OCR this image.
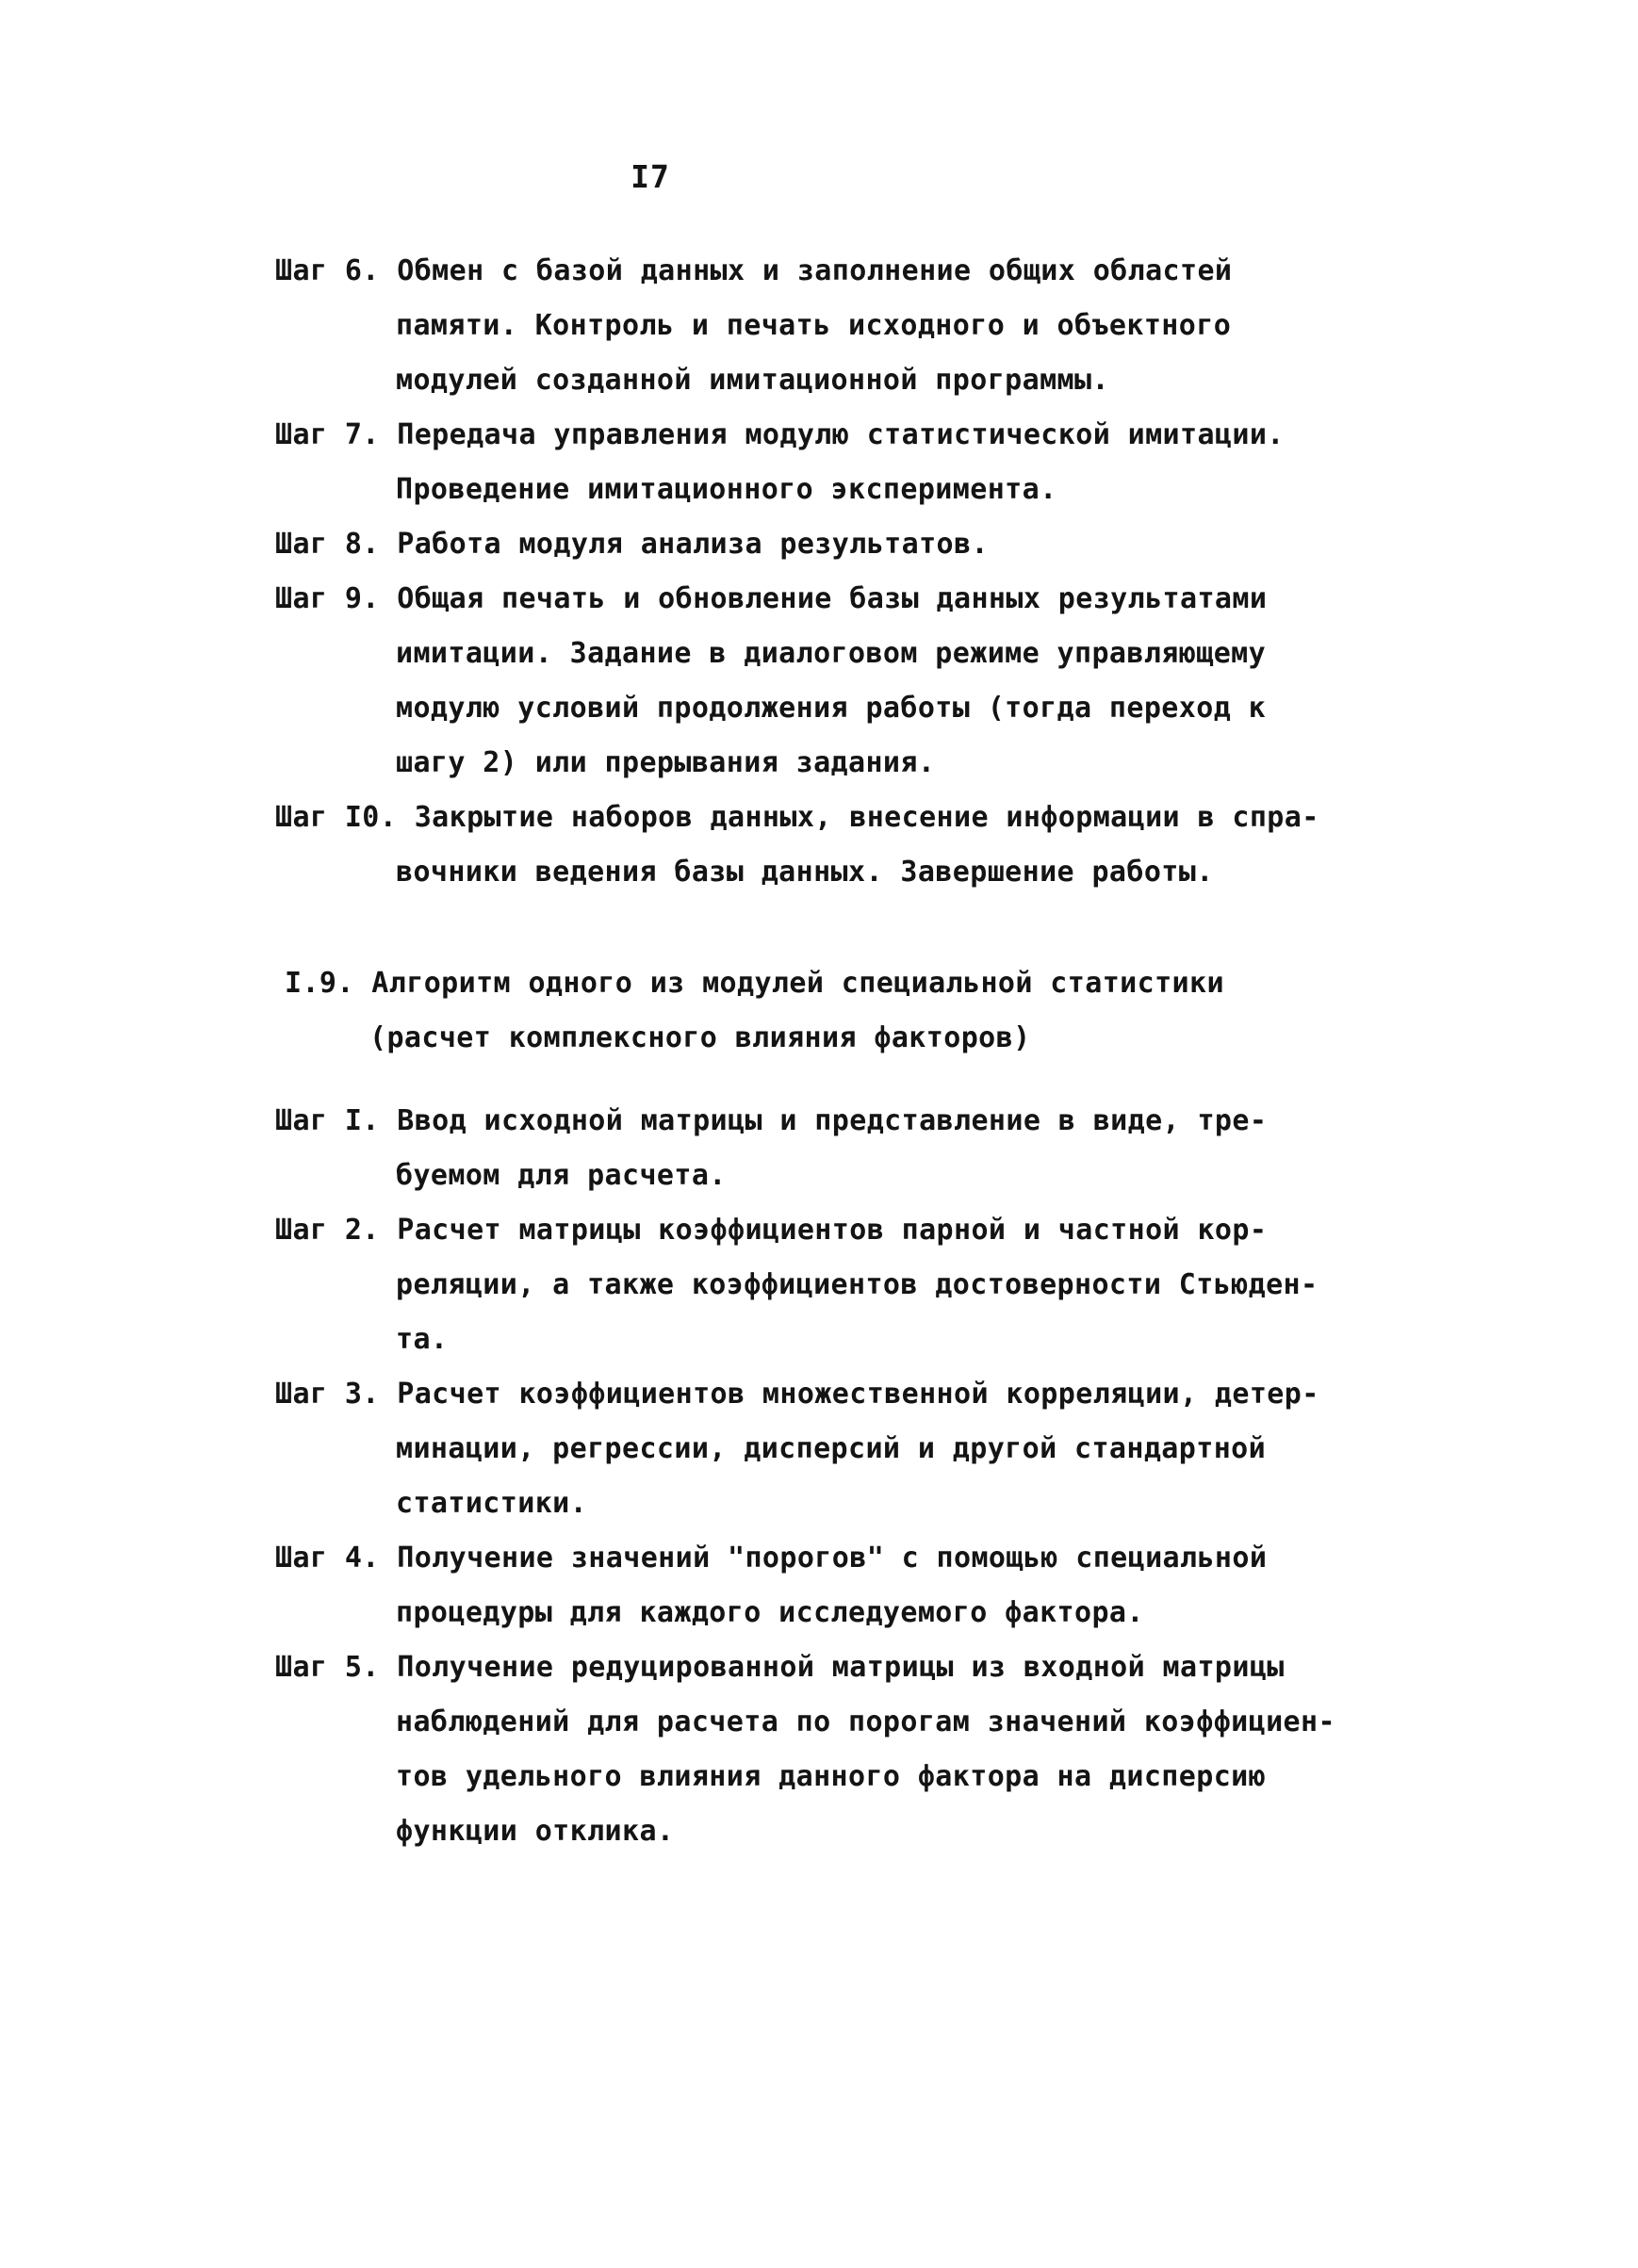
I7
Шаг 6. Обмен с базой данных и заполнение общих областей
памяти. Контроль и печать исходного и объектного
модулей созданной имитационной программы.
Шаг 7. Передача управления модулю статистической имитации.
Проведение имитационного эксперимента.
Шаг 8. Работа модуля анализа результатов.
Шаг 9. Общая печать и обновление базы данных результатами
имитации. Задание в диалоговом режиме управляющему
модулю условий продолжения работы (тогда переход к
шагу 2) или прерывания задания.
Шаг I0. Закрытие наборов данных, внесение информации в спра-
вочники ведения базы данных. Завершение работы.
I.9. Алгоритм одного из модулей специальной статистики
(расчет комплексного влияния факторов)
Шаг I. Ввод исходной матрицы и представление в виде, тре-
буемом для расчета.
Шаг 2. Расчет матрицы коэффициентов парной и частной кор-
реляции, а также коэффициентов достоверности Стьюден-
та.
Шаг 3. Расчет коэффициентов множественной корреляции, детер-
минации, регрессии, дисперсий и другой стандартной
статистики.
Шаг 4. Получение значений "порогов" с помощью специальной
процедуры для каждого исследуемого фактора.
Шаг 5. Получение редуцированной матрицы из входной матрицы
наблюдений для расчета по порогам значений коэффициен-
тов удельного влияния данного фактора на дисперсию
функции отклика.
